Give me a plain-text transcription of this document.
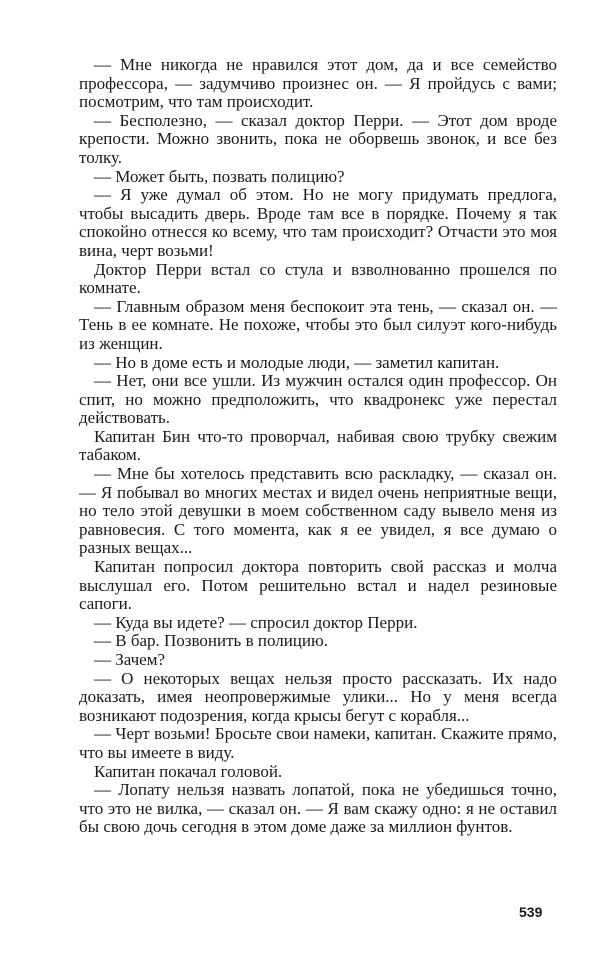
— Мне никогда не нравился этот дом, да и все семейство профессора, — задумчиво произнес он. — Я пройдусь с вами; посмотрим, что там происходит.

— Бесполезно, — сказал доктор Перри. — Этот дом вроде крепости. Можно звонить, пока не оборвешь звонок, и все без толку.

— Может быть, позвать полицию?

— Я уже думал об этом. Но не могу придумать предлога, чтобы высадить дверь. Вроде там все в порядке. Почему я так спокойно отнесся ко всему, что там происходит? Отчасти это моя вина, черт возьми!

Доктор Перри встал со стула и взволнованно прошелся по комнате.

— Главным образом меня беспокоит эта тень, — сказал он. — Тень в ее комнате. Не похоже, чтобы это был силуэт кого-нибудь из женщин.

— Но в доме есть и молодые люди, — заметил капитан.

— Нет, они все ушли. Из мужчин остался один профессор. Он спит, но можно предположить, что квадронекс уже перестал действовать.

Капитан Бин что-то проворчал, набивая свою трубку свежим табаком.

— Мне бы хотелось представить всю раскладку, — сказал он. — Я побывал во многих местах и видел очень неприятные вещи, но тело этой девушки в моем собственном саду вывело меня из равновесия. С того момента, как я ее увидел, я все думаю о разных вещах...

Капитан попросил доктора повторить свой рассказ и молча выслушал его. Потом решительно встал и надел резиновые сапоги.

— Куда вы идете? — спросил доктор Перри.

— В бар. Позвонить в полицию.

— Зачем?

— О некоторых вещах нельзя просто рассказать. Их надо доказать, имея неопровержимые улики... Но у меня всегда возникают подозрения, когда крысы бегут с корабля...

— Черт возьми! Бросьте свои намеки, капитан. Скажите прямо, что вы имеете в виду.

Капитан покачал головой.

— Лопату нельзя назвать лопатой, пока не убедишься точно, что это не вилка, — сказал он. — Я вам скажу одно: я не оставил бы свою дочь сегодня в этом доме даже за миллион фунтов.

539
